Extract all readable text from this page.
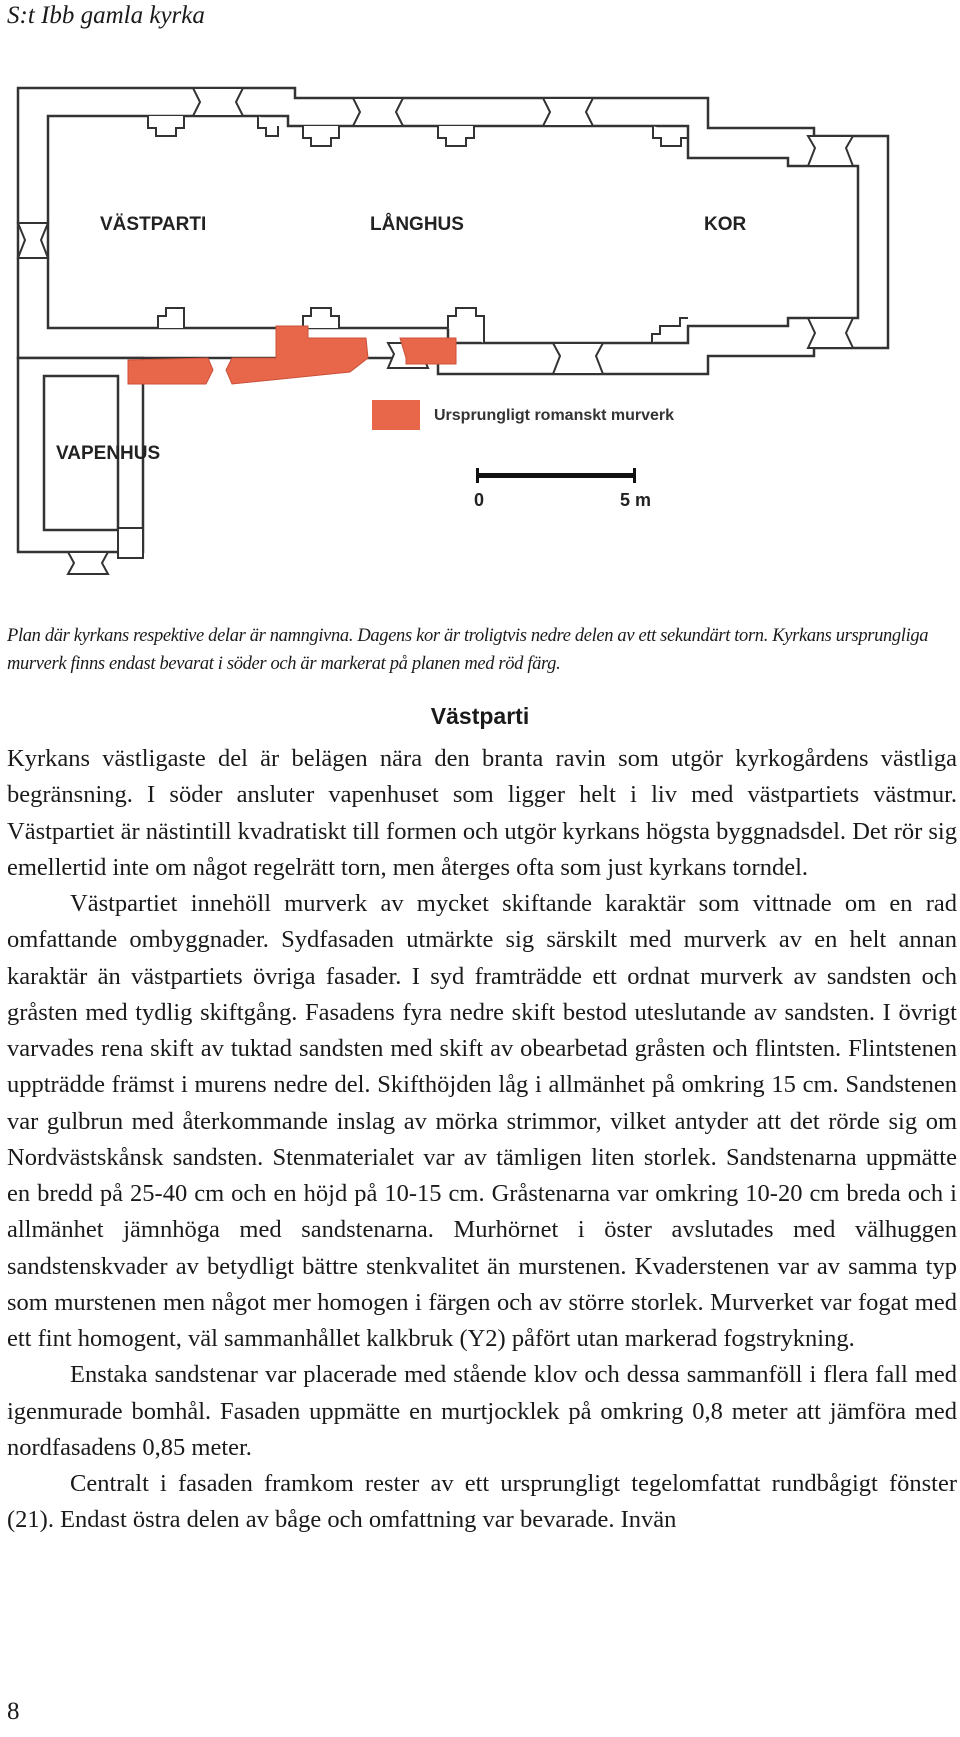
S:t Ibb gamla kyrka
VÄSTPARTI	LÅNGHUS	KOR
VAPENHUS
Ursprungligt romanskt murverk
0	5 m
Plan där kyrkans respektive delar är namngivna. Dagens kor är troligtvis nedre delen av ett sekundärt torn. Kyrkans ursprungliga murverk finns endast bevarat i söder och är markerat på planen med röd färg.
Västparti

Kyrkans västligaste del är belägen nära den branta ravin som utgör kyrkogårdens västliga begränsning. I söder ansluter vapenhuset som ligger helt i liv med västpartiets västmur. Västpartiet är nästintill kvadratiskt till formen och utgör kyrkans högsta byggnadsdel. Det rör sig emellertid inte om något regelrätt torn, men återges ofta som just kyrkans torndel.

Västpartiet innehöll murverk av mycket skiftande karaktär som vittnade om en rad omfattande ombyggnader. Sydfasaden utmärkte sig särskilt med murverk av en helt annan karaktär än västpartiets övriga fasader. I syd framträdde ett ordnat murverk av sandsten och gråsten med tydlig skiftgång. Fasadens fyra nedre skift bestod uteslutande av sandsten. I övrigt varvades rena skift av tuktad sandsten med skift av obearbetad gråsten och flintsten. Flintstenen uppträdde främst i murens nedre del. Skifthöjden låg i allmänhet på omkring 15 cm. Sandstenen var gulbrun med återkommande inslag av mörka strimmor, vilket antyder att det rörde sig om Nordvästskånsk sandsten. Stenmaterialet var av tämligen liten storlek. Sandstenarna uppmätte en bredd på 25-40 cm och en höjd på 10-15 cm. Gråstenarna var omkring 10-20 cm breda och i allmänhet jämnhöga med sandstenarna. Murhörnet i öster avslutades med välhuggen sandstenskvader av betydligt bättre stenkvalitet än murstenen. Kvaderstenen var av samma typ som murstenen men något mer homogen i färgen och av större storlek. Murverket var fogat med ett fint homogent, väl sammanhållet kalkbruk (Y2) påfört utan markerad fogstrykning.

Enstaka sandstenar var placerade med stående klov och dessa sammanföll i flera fall med igenmurade bomhål. Fasaden uppmätte en murtjocklek på omkring 0,8 meter att jämföra med nordfasadens 0,85 meter.

Centralt i fasaden framkom rester av ett ursprungligt tegelomfattat rundbågigt fönster (21). Endast östra delen av båge och omfattning var bevarade. Invän

8
